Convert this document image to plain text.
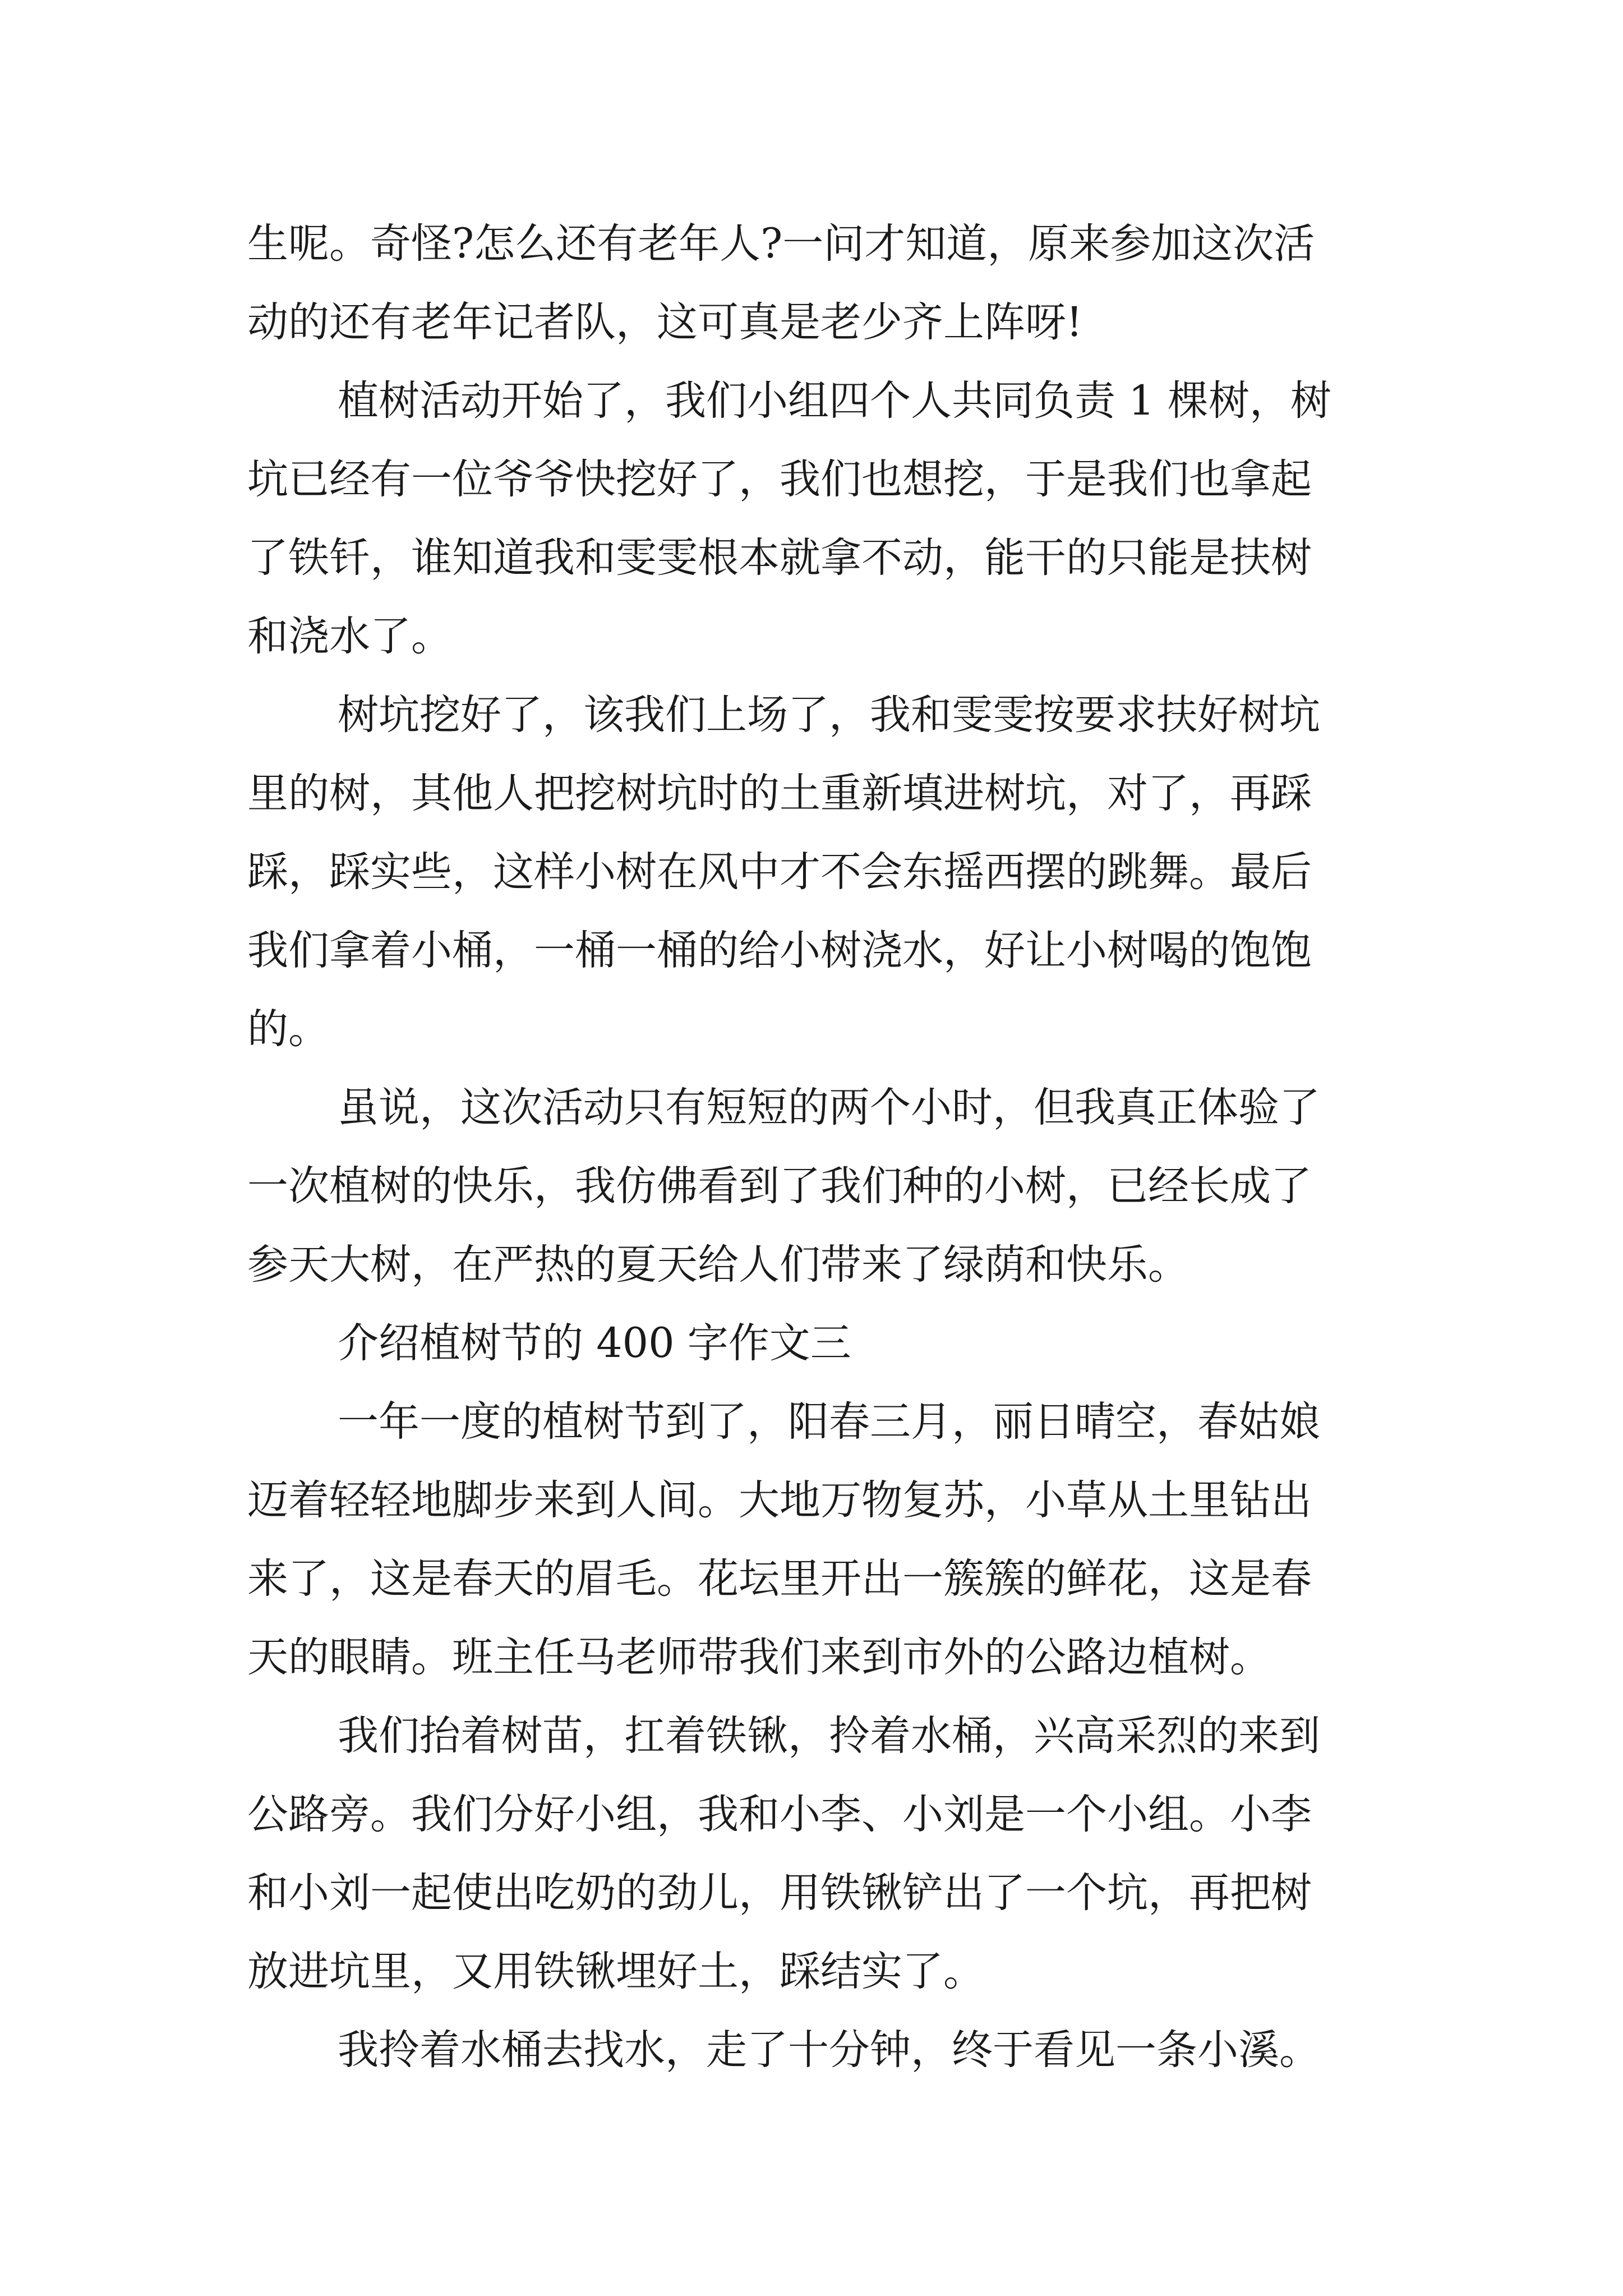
生呢。奇怪?怎么还有老年人?一问才知道，原来参加这次活

动的还有老年记者队，这可真是老少齐上阵呀!

植树活动开始了，我们小组四个人共同负责 1 棵树，树

坑已经有一位爷爷快挖好了，我们也想挖，于是我们也拿起

了铁钎，谁知道我和雯雯根本就拿不动，能干的只能是扶树

和浇水了。

树坑挖好了，该我们上场了，我和雯雯按要求扶好树坑

里的树，其他人把挖树坑时的土重新填进树坑，对了，再踩

踩，踩实些，这样小树在风中才不会东摇西摆的跳舞。最后

我们拿着小桶，一桶一桶的给小树浇水，好让小树喝的饱饱

的。

虽说，这次活动只有短短的两个小时，但我真正体验了

一次植树的快乐，我仿佛看到了我们种的小树，已经长成了

参天大树，在严热的夏天给人们带来了绿荫和快乐。

介绍植树节的 400 字作文三

一年一度的植树节到了，阳春三月，丽日晴空，春姑娘

迈着轻轻地脚步来到人间。大地万物复苏，小草从土里钻出

来了，这是春天的眉毛。花坛里开出一簇簇的鲜花，这是春

天的眼睛。班主任马老师带我们来到市外的公路边植树。

我们抬着树苗，扛着铁锹，拎着水桶，兴高采烈的来到

公路旁。我们分好小组，我和小李、小刘是一个小组。小李

和小刘一起使出吃奶的劲儿，用铁锹铲出了一个坑，再把树

放进坑里，又用铁锹埋好土，踩结实了。

我拎着水桶去找水，走了十分钟，终于看见一条小溪。
